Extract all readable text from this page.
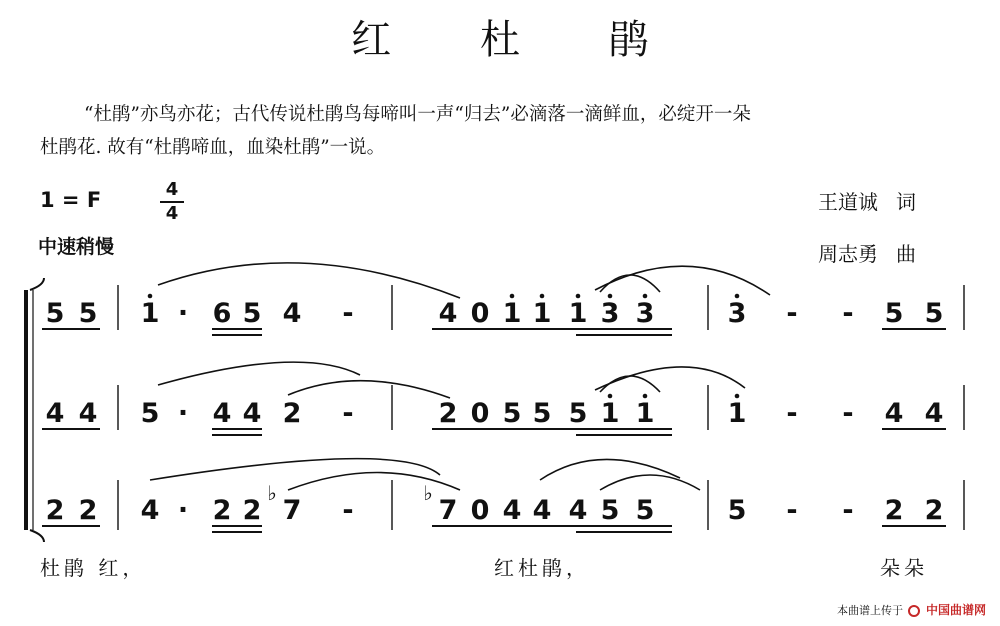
红 杜 鹃
“杜鹃”亦鸟亦花；古代传说杜鹃鸟每啼叫一声“归去”必滴落一滴鲜血，必绽开一朵
杜鹃花. 故有“杜鹃啼血，血染杜鹃”一说。
1 = F	4
4
中速稍慢
王道诚 词
周志勇 曲
5 5 1 · 6 5 4 -	4 0 1 1 1 3 3	3 - - 5 5
4 4 5 · 4 4 2 -	2 0 5 5 5 1 1	1 - - 4 4
2 2 4 · 2 2 7 -	7 0 4 4 4 5 5	5 - - 2 2
♭	♭
杜鹃 红，	红杜鹃，	朵朵
本曲谱上传于 中国曲谱网
